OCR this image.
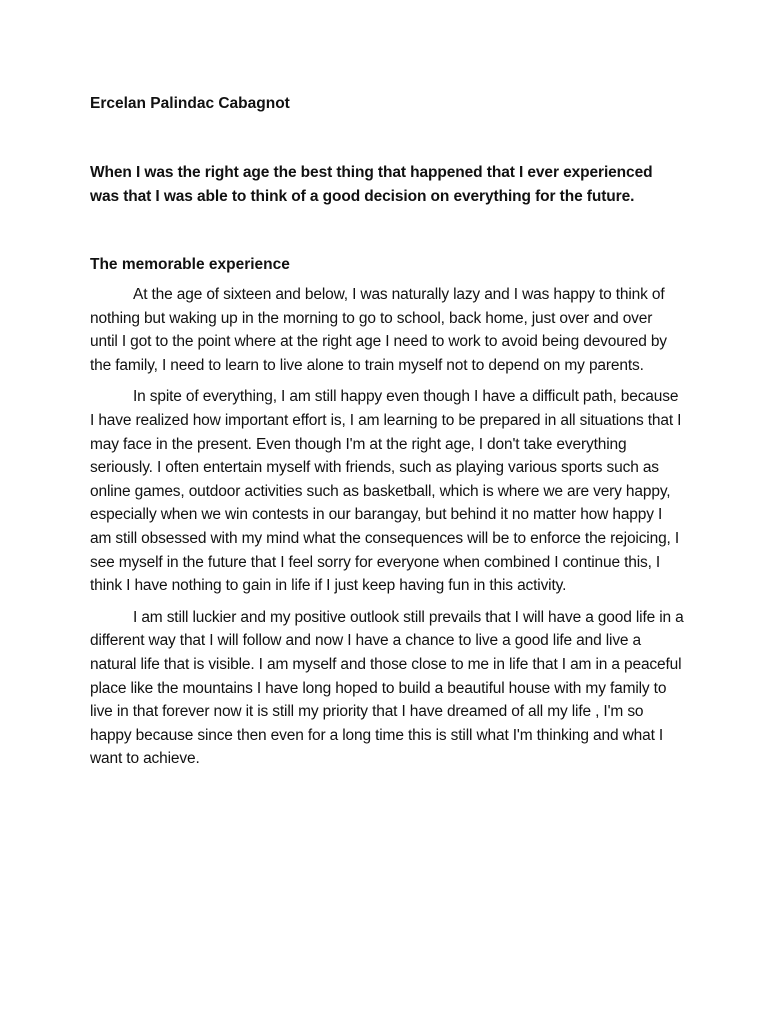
Ercelan Palindac Cabagnot

When I was the right age the best thing that happened that I ever experienced was that I was able to think of a good decision on everything for the future.

The memorable experience

At the age of sixteen and below, I was naturally lazy and I was happy to think of nothing but waking up in the morning to go to school, back home, just over and over until I got to the point where at the right age I need to work to avoid being devoured by the family, I need to learn to live alone to train myself not to depend on my parents.

In spite of everything, I am still happy even though I have a difficult path, because I have realized how important effort is, I am learning to be prepared in all situations that I may face in the present. Even though I'm at the right age, I don't take everything seriously. I often entertain myself with friends, such as playing various sports such as online games, outdoor activities such as basketball, which is where we are very happy, especially when we win contests in our barangay, but behind it no matter how happy I am still obsessed with my mind what the consequences will be to enforce the rejoicing, I see myself in the future that I feel sorry for everyone when combined I continue this, I think I have nothing to gain in life if I just keep having fun in this activity.

I am still luckier and my positive outlook still prevails that I will have a good life in a different way that I will follow and now I have a chance to live a good life and live a natural life that is visible. I am myself and those close to me in life that I am in a peaceful place like the mountains I have long hoped to build a beautiful house with my family to live in that forever now it is still my priority that I have dreamed of all my life , I'm so happy because since then even for a long time this is still what I'm thinking and what I want to achieve.
